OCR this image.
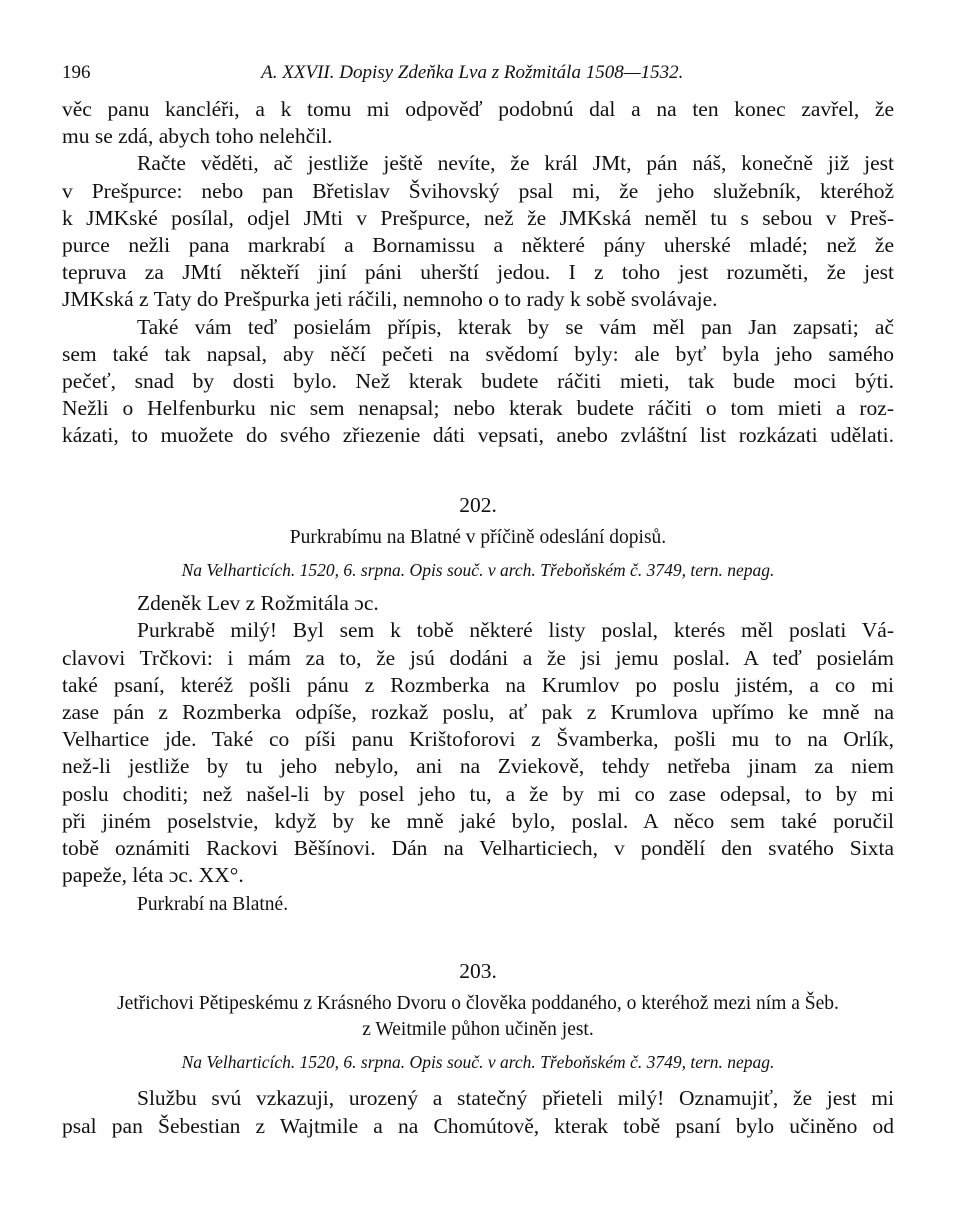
196	A. XXVII. Dopisy Zdeňka Lva z Rožmitála 1508—1532.
věc panu kancléři, a k tomu mi odpověď podobnú dal a na ten konec zavřel, že
mu se zdá, abych toho nelehčil.
Račte věděti, ač jestliže ještě nevíte, že král JMt, pán náš, konečně již jest
v Prešpurce: nebo pan Břetislav Švihovský psal mi, že jeho služebník, kteréhož
k JMKské posílal, odjel JMti v Prešpurce, než že JMKská neměl tu s sebou v Preš-
purce nežli pana markrabí a Bornamissu a některé pány uherské mladé; než že
tepruva za JMtí někteří jiní páni uherští jedou. I z toho jest rozuměti, že jest
JMKská z Taty do Prešpurka jeti ráčili, nemnoho o to rady k sobě svolávaje.
Také vám teď posielám přípis, kterak by se vám měl pan Jan zapsati; ač
sem také tak napsal, aby něčí pečeti na svědomí byly: ale byť byla jeho samého
pečeť, snad by dosti bylo. Než kterak budete ráčiti mieti, tak bude moci býti.
Nežli o Helfenburku nic sem nenapsal; nebo kterak budete ráčiti o tom mieti a roz-
kázati, to muožete do svého zřiezenie dáti vepsati, anebo zvláštní list rozkázati udělati.
202.
Purkrabímu na Blatné v příčině odeslání dopisů.
Na Velharticích. 1520, 6. srpna. Opis souč. v arch. Třeboňském č. 3749, tern. nepag.
Zdeněk Lev z Rožmitála ɔc.
Purkrabě milý! Byl sem k tobě některé listy poslal, kterés měl poslati Vá-
clavovi Trčkovi: i mám za to, že jsú dodáni a že jsi jemu poslal. A teď posielám
také psaní, kteréž pošli pánu z Rozmberka na Krumlov po poslu jistém, a co mi
zase pán z Rozmberka odpíše, rozkaž poslu, ať pak z Krumlova upřímo ke mně na
Velhartice jde. Také co píši panu Krištoforovi z Švamberka, pošli mu to na Orlík,
než-li jestliže by tu jeho nebylo, ani na Zviekově, tehdy netřeba jinam za niem
poslu choditi; než našel-li by posel jeho tu, a že by mi co zase odepsal, to by mi
při jiném poselstvie, když by ke mně jaké bylo, poslal. A něco sem také poručil
tobě oznámiti Rackovi Běšínovi. Dán na Velharticiech, v pondělí den svatého Sixta
papeže, léta ɔc. XX°.
Purkrabí na Blatné.
203.
Jetřichovi Pětipeskému z Krásného Dvoru o člověka poddaného, o kteréhož mezi ním a Šeb.
z Weitmile půhon učiněn jest.
Na Velharticích. 1520, 6. srpna. Opis souč. v arch. Třeboňském č. 3749, tern. nepag.
Službu svú vzkazuji, urozený a statečný přieteli milý! Oznamujiť, že jest mi
psal pan Šebestian z Wajtmile a na Chomútově, kterak tobě psaní bylo učiněno od
